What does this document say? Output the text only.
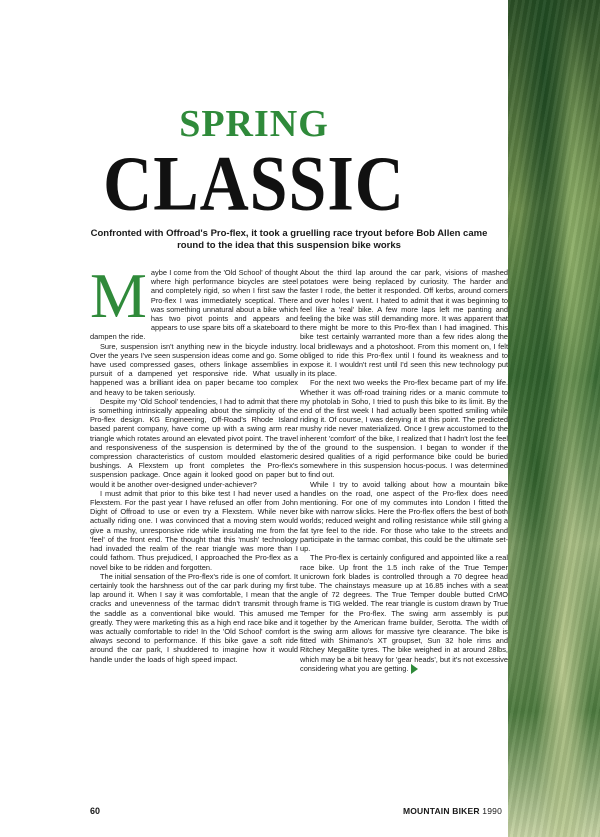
SPRING
CLASSIC

Confronted with Offroad's Pro-flex, it took a gruelling race tryout before Bob Allen came round to the idea that this suspension bike works

Maybe I come from the 'Old School' of thought where high performance bicycles are steel and completely rigid, so when I first saw the Pro-flex I was immediately sceptical. There was something unnatural about a bike which has two pivot points and appears and appears to use spare bits off a skateboard to dampen the ride.

Sure, suspension isn't anything new in the bicycle industry. Over the years I've seen suspension ideas come and go. Some have used compressed gases, others linkage assemblies in pursuit of a dampened yet responsive ride. What usually happened was a brilliant idea on paper became too complex and heavy to be taken seriously.

Despite my 'Old School' tendencies, I had to admit that there is something intrinsically appealing about the simplicity of the Pro-flex design. KG Engineering, Off-Road's Rhode Island based parent company, have come up with a swing arm rear triangle which rotates around an elevated pivot point. The travel and responsiveness of the suspension is determined by the compression characteristics of custom moulded elastomeric bushings. A Flexstem up front completes the Pro-flex's suspension package. Once again it looked good on paper but would it be another over-designed under-achiever?

I must admit that prior to this bike test I had never used a Flexstem. For the past year I have refused an offer from John Dight of Offroad to use or even try a Flexstem. While never actually riding one. I was convinced that a moving stem would give a mushy, unresponsive ride while insulating me from the 'feel' of the front end. The thought that this 'mush' technology had invaded the realm of the rear triangle was more than I could fathom. Thus prejudiced, I approached the Pro-flex as a novel bike to be ridden and forgotten.

The initial sensation of the Pro-flex's ride is one of comfort. It certainly took the harshness out of the car park during my first lap around it. When I say it was comfortable, I mean that the cracks and unevenness of the tarmac didn't transmit through the saddle as a conventional bike would. This amused me greatly. They were marketing this as a high end race bike and it was actually comfortable to ride! In the 'Old School' comfort is always second to performance. If this bike gave a soft ride around the car park, I shuddered to imagine how it would handle under the loads of high speed impact.

About the third lap around the car park, visions of mashed potatoes were being replaced by curiosity. The harder and faster I rode, the better it responded. Off kerbs, around corners and over holes I went. I hated to admit that it was beginning to feel like a 'real' bike. A few more laps left me panting and feeling the bike was still demanding more. It was apparent that there might be more to this Pro-flex than I had imagined. This bike test certainly warranted more than a few rides along the local bridleways and a photoshoot. From this moment on, I felt obliged to ride this Pro-flex until I found its weakness and to expose it. I wouldn't rest until I'd seen this new technology put in its place.

For the next two weeks the Pro-flex became part of my life. Whether it was off-road training rides or a manic commute to my photolab in Soho, I tried to push this bike to its limit. By the end of the first week I had actually been spotted smiling while riding it. Of course, I was denying it at this point. The predicted mushy ride never materialized. Once I grew accustomed to the inherent 'comfort' of the bike, I realized that I hadn't lost the feel of the ground to the suspension. I began to wonder if the desired qualities of a rigid performance bike could be buried somewhere in this suspension hocus-pocus. I was determined to find out.

While I try to avoid talking about how a mountain bike handles on the road, one aspect of the Pro-flex does need mentioning. For one of my commutes into London I fitted the bike with narrow slicks. Here the Pro-flex offers the best of both worlds; reduced weight and rolling resistance while still giving a fat tyre feel to the ride. For those who take to the streets and participate in the tarmac combat, this could be the ultimate set-up.

The Pro-flex is certainly configured and appointed like a real race bike. Up front the 1.5 inch rake of the True Temper unicrown fork blades is controlled through a 70 degree head tube. The chainstays measure up at 16.85 inches with a seat angle of 72 degrees. The True Temper double butted CrMO frame is TIG welded. The rear triangle is custom drawn by True Temper for the Pro-flex. The swing arm assembly is put together by the American frame builder, Serotta. The width of the swing arm allows for massive tyre clearance. The bike is fitted with Shimano's XT groupset, Sun 32 hole rims and Ritchey MegaBite tyres. The bike weighed in at around 28lbs, which may be a bit heavy for 'gear heads', but it's not excessive considering what you are getting.

60	MOUNTAIN BIKER 1990
